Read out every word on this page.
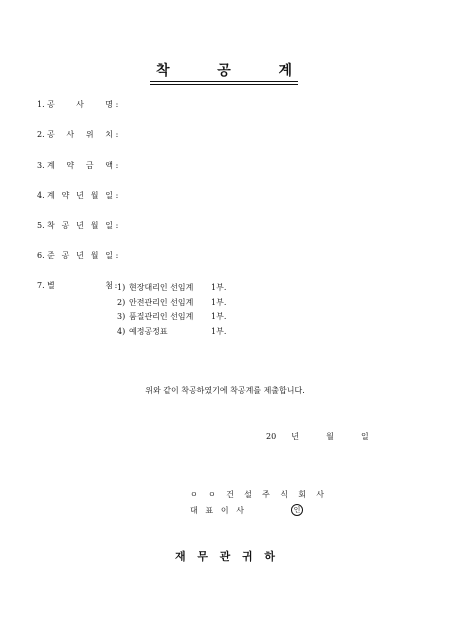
착 공 계
1. 공 사 명 :
2. 공 사 위 치 :
3. 계 약 금 액 :
4. 계 약 년 월 일 :
5. 착 공 년 월 일 :
6. 준 공 년 월 일 :
7. 별 첨 : 1) 현장대리인 선임계 1부.
2) 안전관리인 선임계 1부.
3) 품질관리인 선임계 1부.
4) 예정공정표	1부.
위와 같이 착공하였기에 착공계를 제출합니다.
20 년	월	일
ㅇ ㅇ 건 설 주 식 회 사
대 표 이 사	인
재 무 관 귀 하
